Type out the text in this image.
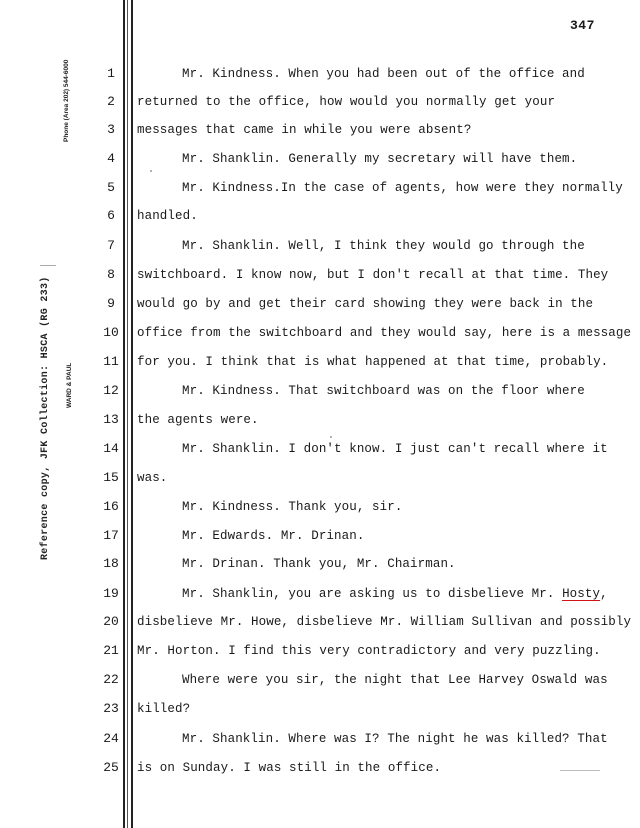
347
Phone (Area 202) 544-6000
Reference copy, JFK Collection: HSCA (RG 233) WARD & PAUL
1
2
3
4
5
6
7
8
9
10
11
12
13
14
15
16
17
18
19
20
21
22
23
24
25
Mr. Kindness. When you had been out of the office and
returned to the office, how would you normally get your
messages that came in while you were absent?
Mr. Shanklin. Generally my secretary will have them.
Mr. Kindness.In the case of agents, how were they normally
handled.
Mr. Shanklin. Well, I think they would go through the
switchboard. I know now, but I don't recall at that time. They
would go by and get their card showing they were back in the
office from the switchboard and they would say, here is a message
for you. I think that is what happened at that time, probably.
Mr. Kindness. That switchboard was on the floor where
the agents were.
Mr. Shanklin. I don't know. I just can't recall where it
was.
Mr. Kindness. Thank you, sir.
Mr. Edwards. Mr. Drinan.
Mr. Drinan. Thank you, Mr. Chairman.
Mr. Shanklin, you are asking us to disbelieve Mr. Hosty,
disbelieve Mr. Howe, disbelieve Mr. William Sullivan and possibly
Mr. Horton. I find this very contradictory and very puzzling.
Where were you sir, the night that Lee Harvey Oswald was
killed?
Mr. Shanklin. Where was I? The night he was killed? That
is on Sunday. I was still in the office.
